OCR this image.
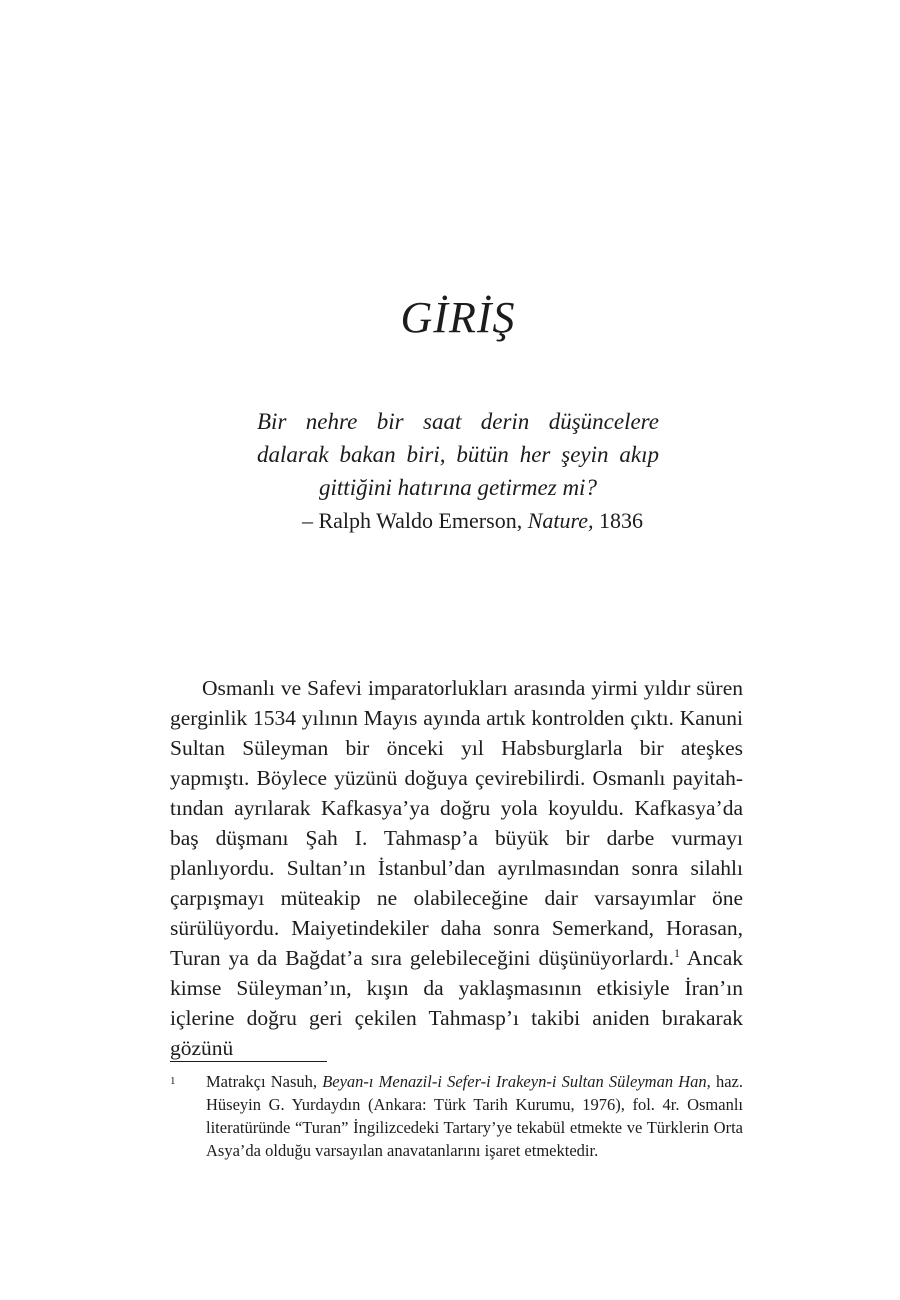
GİRİŞ

Bir nehre bir saat derin düşüncelere dalarak bakan biri, bütün her şeyin akıp gittiğini hatırına getirmez mi?

– Ralph Waldo Emerson, Nature, 1836

Osmanlı ve Safevi imparatorlukları arasında yirmi yıldır süren gerginlik 1534 yılının Mayıs ayında artık kontrolden çıktı. Kanuni Sultan Süleyman bir önceki yıl Habsburglarla bir ateşkes yapmıştı. Böylece yüzünü doğuya çevirebilirdi. Osmanlı payitahtından ayrılarak Kafkasya’ya doğru yola koyuldu. Kafkasya’da baş düşmanı Şah I. Tahmasp’a büyük bir darbe vurmayı planlıyordu. Sultan’ın İstanbul’dan ayrılmasından sonra silahlı çarpışmayı müteakip ne olabileceğine dair varsayımlar öne sürülüyordu. Maiyetindekiler daha sonra Semerkand, Horasan, Turan ya da Bağdat’a sıra gelebileceğini düşünüyorlardı.$^1$ Ancak kimse Süleyman’ın, kışın da yaklaşmasının etkisiyle İran’ın içlerine doğru geri çekilen Tahmasp’ı takibi aniden bırakarak gözünü

1 Matrakçı Nasuh, Beyan-ı Menazil-i Sefer-i Irakeyn-i Sultan Süleyman Han, haz. Hüseyin G. Yurdaydın (Ankara: Türk Tarih Kurumu, 1976), fol. 4r. Osmanlı literatüründe “Turan” İngilizcedeki Tartary’ye tekabül etmekte ve Türklerin Orta Asya’da olduğu varsayılan anavatanlarını işaret etmektedir.
